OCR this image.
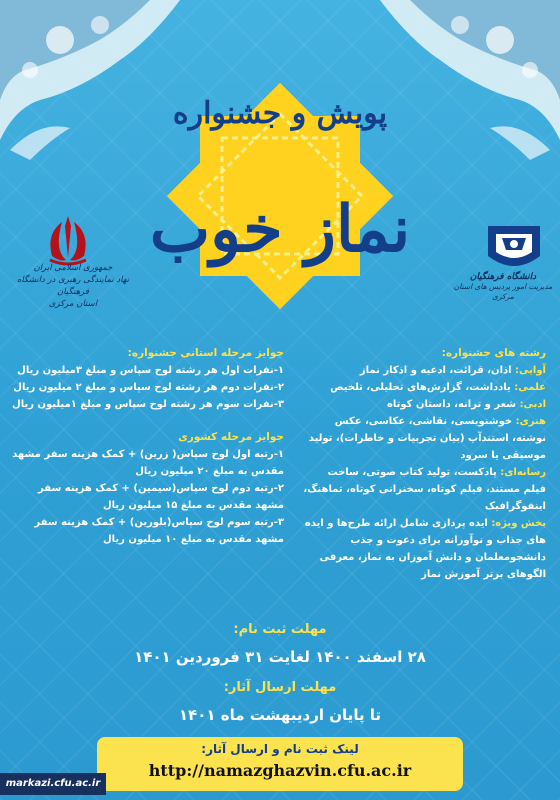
پویش و جشنواره
نماز خوب
جمهوری اسلامی ایران
نهاد نمایندگی رهبری در دانشگاه فرهنگیان
استان مرکزی
دانشگاه فرهنگیان
مدیریت امور پردیس های استان مرکزی
رشته های جشنواره:
آوایی: اذان، قرائت، ادعیه و اذکار نماز
علمی: یادداشت، گزارش‌های تحلیلی، تلخیص
ادبی: شعر و ترانه، داستان کوتاه
هنری: خوشنویسی، نقاشی، عکاسی، عکس نوشته، استندآپ (بیان تجربیات و خاطرات)، تولید موسیقی یا سرود
رسانه‌ای: پادکست، تولید کتاب صوتی، ساخت فیلم مستند، فیلم کوتاه، سخنرانی کوتاه، تماهنگ، اینفوگرافیک
بخش ویژه: ایده پردازی شامل ارائه طرح‌ها و ایده های جذاب و نوآورانه برای دعوت و جذب دانشجومعلمان و دانش آموزان به نماز، معرفی الگوهای برتر آموزش نماز
جوایز مرحله استانی جشنواره:
۱-نفرات اول هر رشته لوح سپاس و مبلغ ۳میلیون ریال
۲-نفرات دوم هر رشته لوح سپاس و مبلغ ۲ میلیون ریال
۳-نفرات سوم هر رشته لوح سپاس و مبلغ ۱میلیون ریال
جوایز مرحله کشوری
۱-رتبه اول لوح سپاس( زرین) + کمک هزینه سفر مشهد مقدس به مبلغ ۲۰ میلیون ریال
۲-رتبه دوم لوح سپاس(سیمین) + کمک هزینه سفر مشهد مقدس به مبلغ ۱۵ میلیون ریال
۳-رتبه سوم لوح سپاس(بلورین) + کمک هزینه سفر مشهد مقدس به مبلغ ۱۰ میلیون ریال
مهلت ثبت نام:
۲۸ اسفند ۱۴۰۰ لغایت ۳۱ فروردین ۱۴۰۱
مهلت ارسال آثار:
تا پایان اردیبهشت ماه ۱۴۰۱
لینک ثبت نام و ارسال آثار:
http://namazghazvin.cfu.ac.ir
markazi.cfu.ac.ir
